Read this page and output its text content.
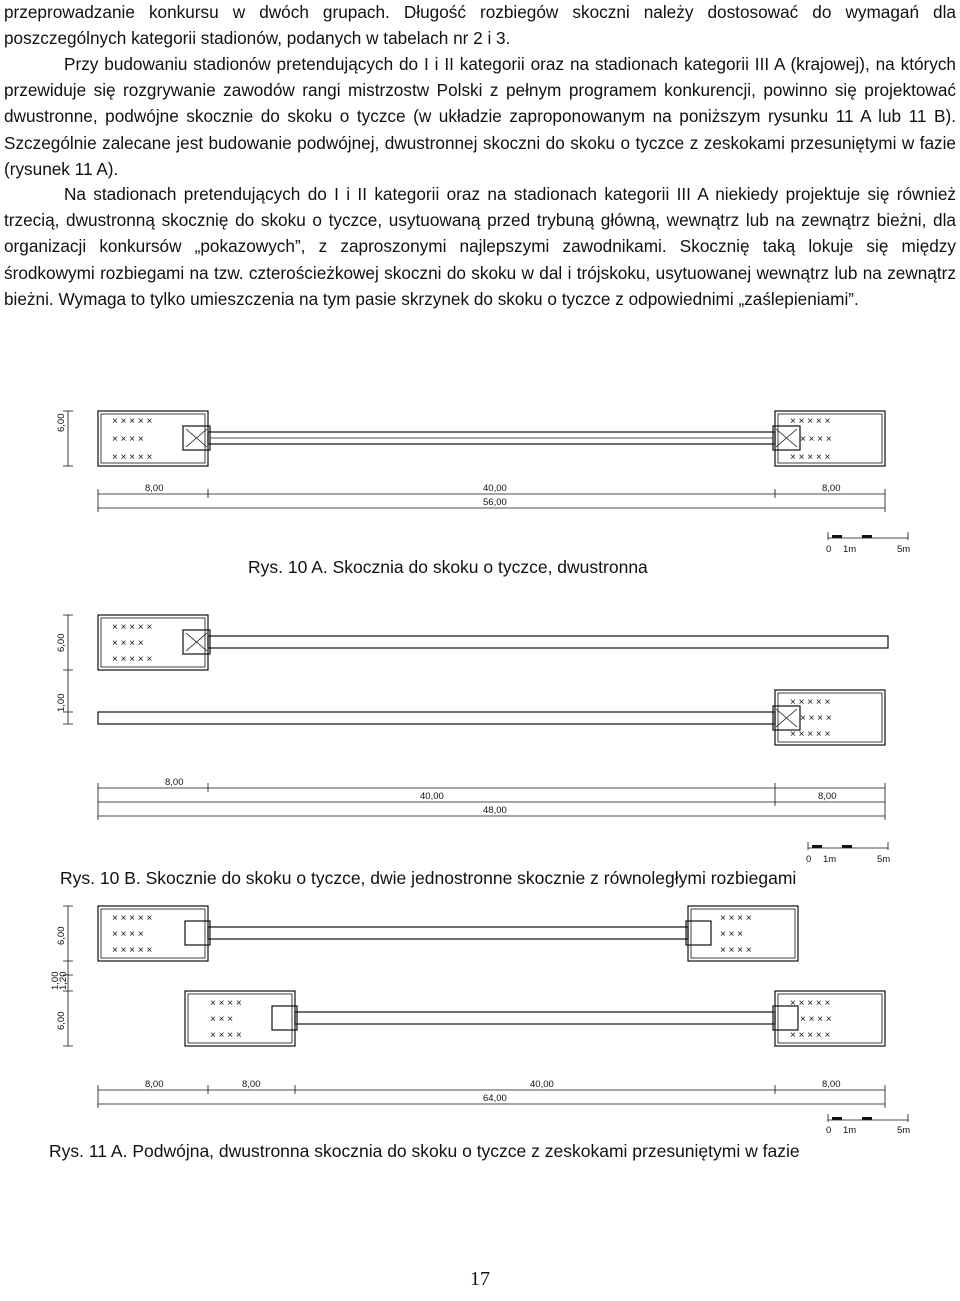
przeprowadzanie konkursu w dwóch grupach. Długość rozbiegów skoczni należy dostosować do wymagań dla poszczególnych kategorii stadionów, podanych w tabelach nr 2 i 3.

Przy budowaniu stadionów pretendujących do I i II kategorii oraz na stadionach kategorii III A (krajowej), na których przewiduje się rozgrywanie zawodów rangi mistrzostw Polski z pełnym programem konkurencji, powinno się projektować dwustronne, podwójne skocznie do skoku o tyczce (w układzie zaproponowanym na poniższym rysunku 11 A lub 11 B). Szczególnie zalecane jest budowanie podwójnej, dwustronnej skoczni do skoku o tyczce z zeskokami przesuniętymi w fazie (rysunek 11 A).

Na stadionach pretendujących do I i II kategorii oraz na stadionach kategorii III A niekiedy projektuje się również trzecią, dwustronną skocznię do skoku o tyczce, usytuowaną przed trybuną główną, wewnątrz lub na zewnątrz bieżni, dla organizacji konkursów „pokazowych”, z zaproszonymi najlepszymi zawodnikami. Skocznię taką lokuje się między środkowymi rozbiegami na tzw. czterościeżkowej skoczni do skoku w dal i trójskoku, usytuowanej wewnątrz lub na zewnątrz bieżni. Wymaga to tylko umieszczenia na tym pasie skrzynek do skoku o tyczce z odpowiednimi „zaślepieniami”.

× × × × ×
× × × ×
× × × × ×
× × × × ×
× × × ×
× × × × ×
6,00
8,00	40,00	8,00
56,00
0 1m	5m

Rys. 10 A. Skocznia do skoku o tyczce, dwustronna

× × × × ×
× × × ×
× × × × ×
× × × × ×
× × × ×
× × × × ×
6,00
1,00
8,00
40,00	8,00
48,00
0 1m	5m

Rys. 10 B. Skocznie do skoku o tyczce, dwie jednostronne skocznie z równoległymi rozbiegami

× × × × ×
× × × ×
× × × × ×
× × × ×
× × ×
× × × ×
× × × ×
× × ×
× × × ×
× × × × ×
× × × ×
× × × × ×
6,00
1,00
1,20
6,00
8,00	8,00	40,00	8,00
64,00
0 1m	5m

Rys. 11 A. Podwójna, dwustronna skocznia do skoku o tyczce z zeskokami przesuniętymi w fazie

17
